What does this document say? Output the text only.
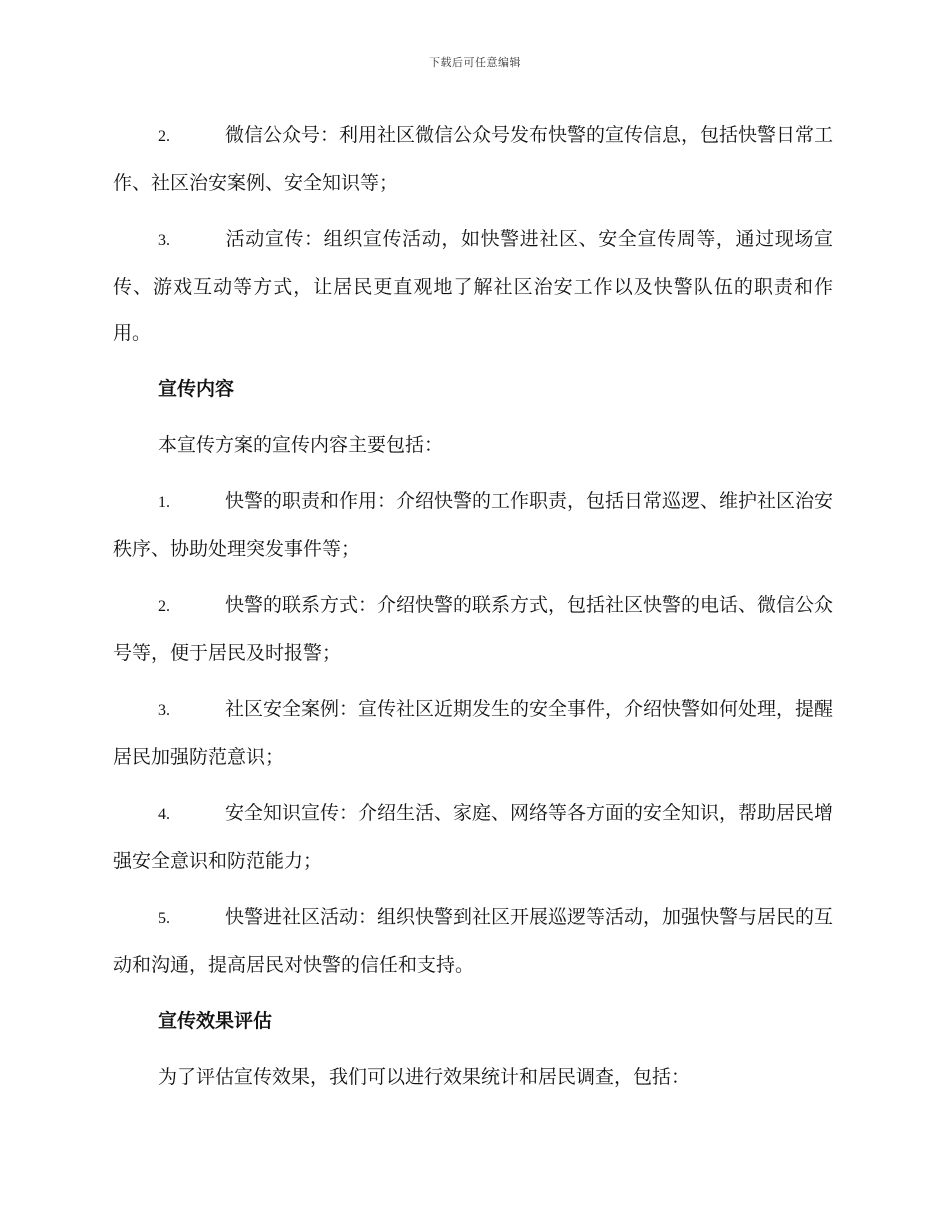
下载后可任意编辑

2.	微信公众号：利用社区微信公众号发布快警的宣传信息，包括快警日常工作、社区治安案例、安全知识等；

3.	活动宣传：组织宣传活动，如快警进社区、安全宣传周等，通过现场宣传、游戏互动等方式，让居民更直观地了解社区治安工作以及快警队伍的职责和作用。

宣传内容

本宣传方案的宣传内容主要包括：

1.	快警的职责和作用：介绍快警的工作职责，包括日常巡逻、维护社区治安秩序、协助处理突发事件等；

2.	快警的联系方式：介绍快警的联系方式，包括社区快警的电话、微信公众号等，便于居民及时报警；

3.	社区安全案例：宣传社区近期发生的安全事件，介绍快警如何处理，提醒居民加强防范意识；

4.	安全知识宣传：介绍生活、家庭、网络等各方面的安全知识，帮助居民增强安全意识和防范能力；

5.	快警进社区活动：组织快警到社区开展巡逻等活动，加强快警与居民的互动和沟通，提高居民对快警的信任和支持。

宣传效果评估

为了评估宣传效果，我们可以进行效果统计和居民调查，包括：
